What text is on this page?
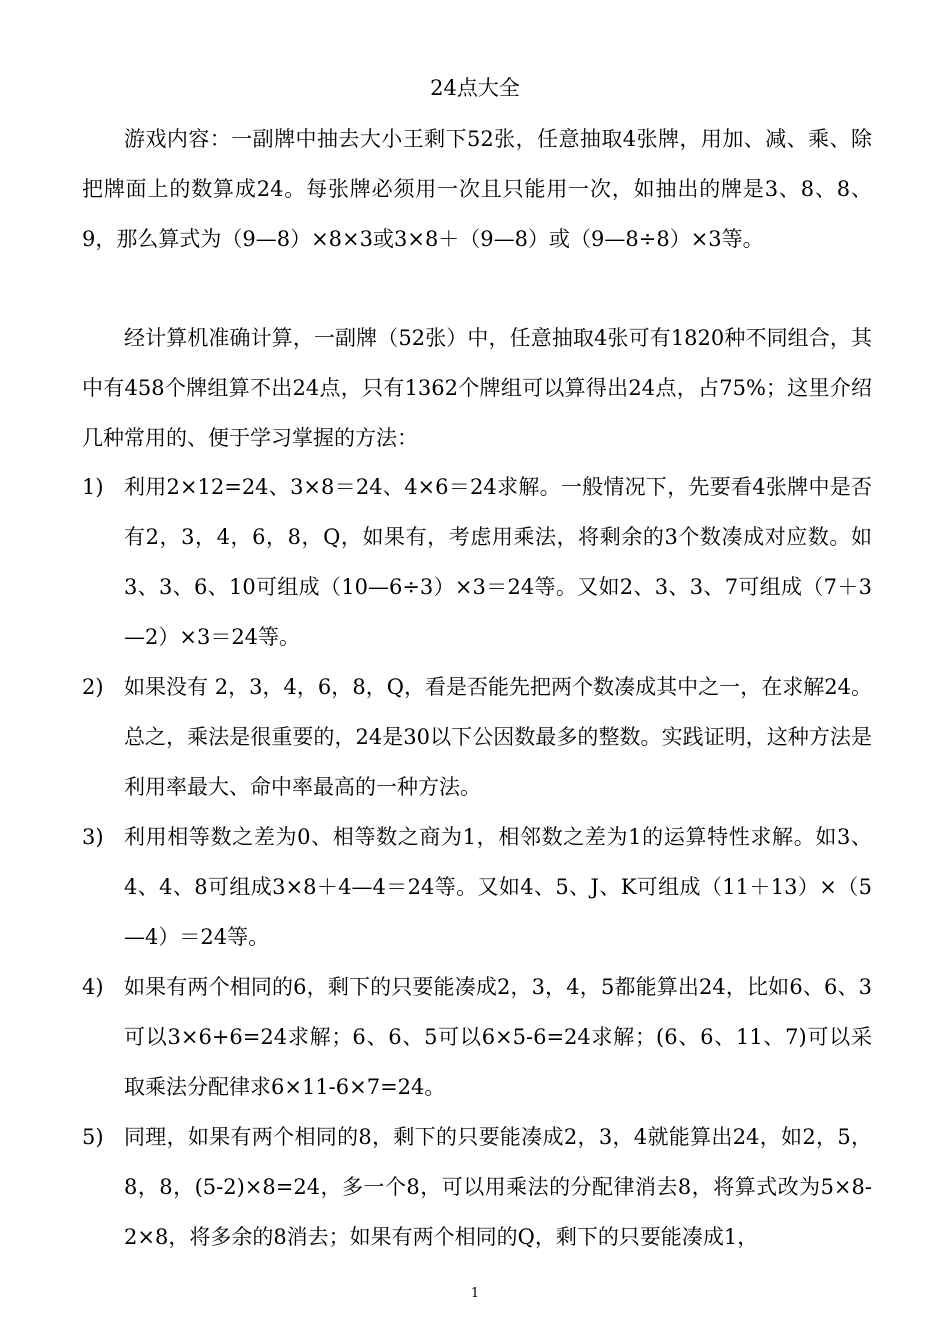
24点大全
游戏内容：一副牌中抽去大小王剩下52张，任意抽取4张牌，用加、减、乘、除把牌面上的数算成24。每张牌必须用一次且只能用一次，如抽出的牌是3、8、8、9，那么算式为（9—8）×8×3或3×8＋（9—8）或（9—8÷8）×3等。
经计算机准确计算，一副牌（52张）中，任意抽取4张可有1820种不同组合，其中有458个牌组算不出24点，只有1362个牌组可以算得出24点，占75%；这里介绍几种常用的、便于学习掌握的方法：
1) 利用2×12=24、3×8＝24、4×6＝24求解。一般情况下，先要看4张牌中是否有2，3，4，6，8，Q，如果有，考虑用乘法，将剩余的3个数凑成对应数。如3、3、6、10可组成（10—6÷3）×3＝24等。又如2、3、3、7可组成（7＋3—2）×3＝24等。
2) 如果没有 2，3，4，6，8，Q，看是否能先把两个数凑成其中之一，在求解24。总之，乘法是很重要的，24是30以下公因数最多的整数。实践证明，这种方法是利用率最大、命中率最高的一种方法。
3) 利用相等数之差为0、相等数之商为1，相邻数之差为1的运算特性求解。如3、4、4、8可组成3×8＋4—4＝24等。又如4、5、J、K可组成（11＋13）×（5—4）＝24等。
4) 如果有两个相同的6，剩下的只要能凑成2，3，4，5都能算出24，比如6、6、3可以3×6+6=24求解；6、6、5可以6×5-6=24求解；(6、6、11、7)可以采取乘法分配律求6×11-6×7=24。
5) 同理，如果有两个相同的8，剩下的只要能凑成2，3，4就能算出24，如2，5，8，8，(5-2)×8=24，多一个8，可以用乘法的分配律消去8，将算式改为5×8-2×8，将多余的8消去；如果有两个相同的Q，剩下的只要能凑成1，
1
